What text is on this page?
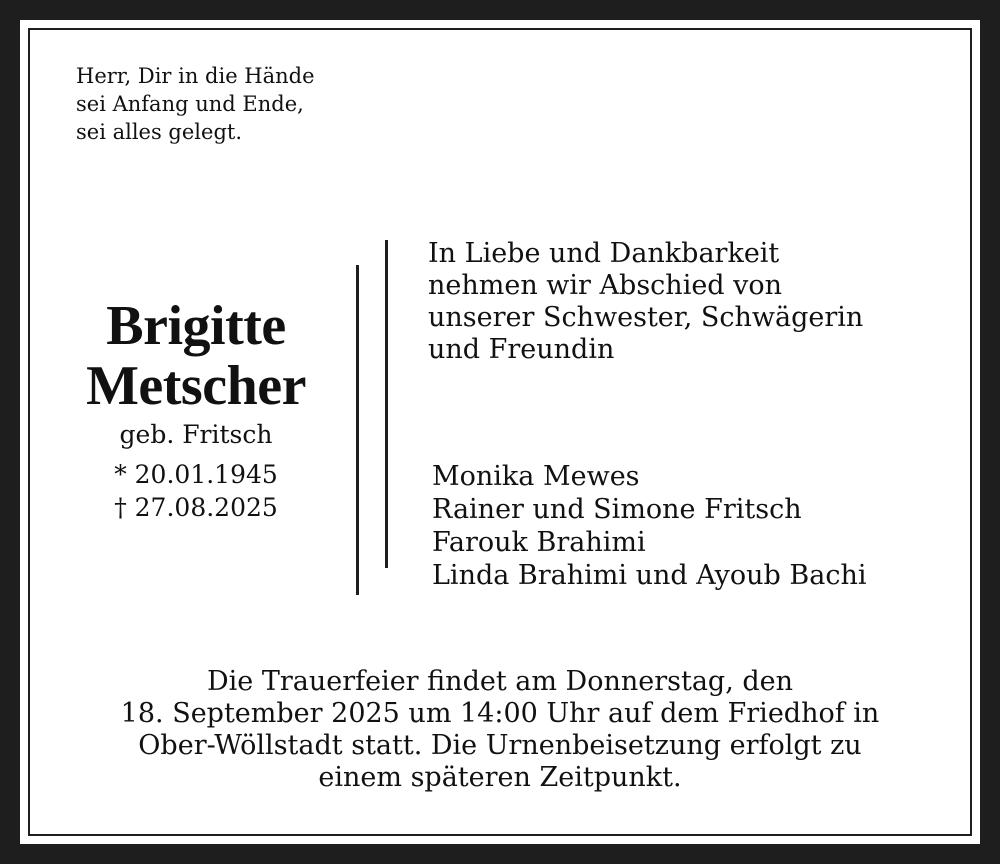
Herr, Dir in die Hände
sei Anfang und Ende,
sei alles gelegt.
Brigitte
Metscher
geb. Fritsch
* 20.01.1945
† 27.08.2025
In Liebe und Dankbarkeit
nehmen wir Abschied von
unserer Schwester, Schwägerin
und Freundin
Monika Mewes
Rainer und Simone Fritsch
Farouk Brahimi
Linda Brahimi und Ayoub Bachi
Die Trauerfeier findet am Donnerstag, den
18. September 2025 um 14:00 Uhr auf dem Friedhof in
Ober-Wöllstadt statt. Die Urnenbeisetzung erfolgt zu
einem späteren Zeitpunkt.
